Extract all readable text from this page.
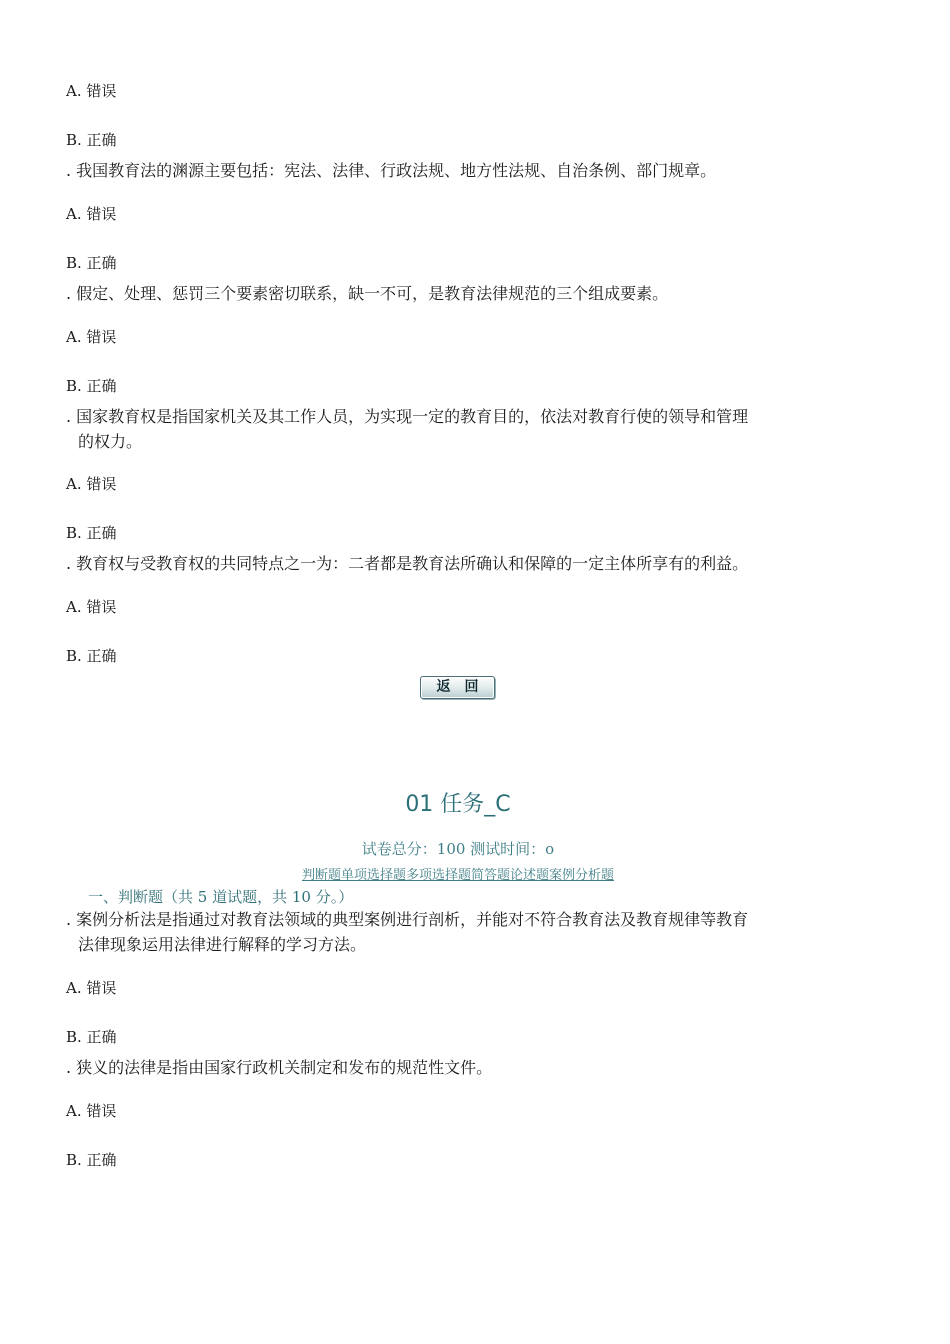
A. 错误
B. 正确
. 我国教育法的渊源主要包括：宪法、法律、行政法规、地方性法规、自治条例、部门规章。
A. 错误
B. 正确
. 假定、处理、惩罚三个要素密切联系，缺一不可，是教育法律规范的三个组成要素。
A. 错误
B. 正确
. 国家教育权是指国家机关及其工作人员，为实现一定的教育目的，依法对教育行使的领导和管理
的权力。
A. 错误
B. 正确
. 教育权与受教育权的共同特点之一为：二者都是教育法所确认和保障的一定主体所享有的利益。
A. 错误
B. 正确
返回
01 任务_C
试卷总分：100 测试时间：o
判断题单项选择题多项选择题简答题论述题案例分析题
一、判断题（共 5 道试题，共 10 分。）
. 案例分析法是指通过对教育法领域的典型案例进行剖析，并能对不符合教育法及教育规律等教育
法律现象运用法律进行解释的学习方法。
A. 错误
B. 正确
. 狭义的法律是指由国家行政机关制定和发布的规范性文件。
A. 错误
B. 正确
